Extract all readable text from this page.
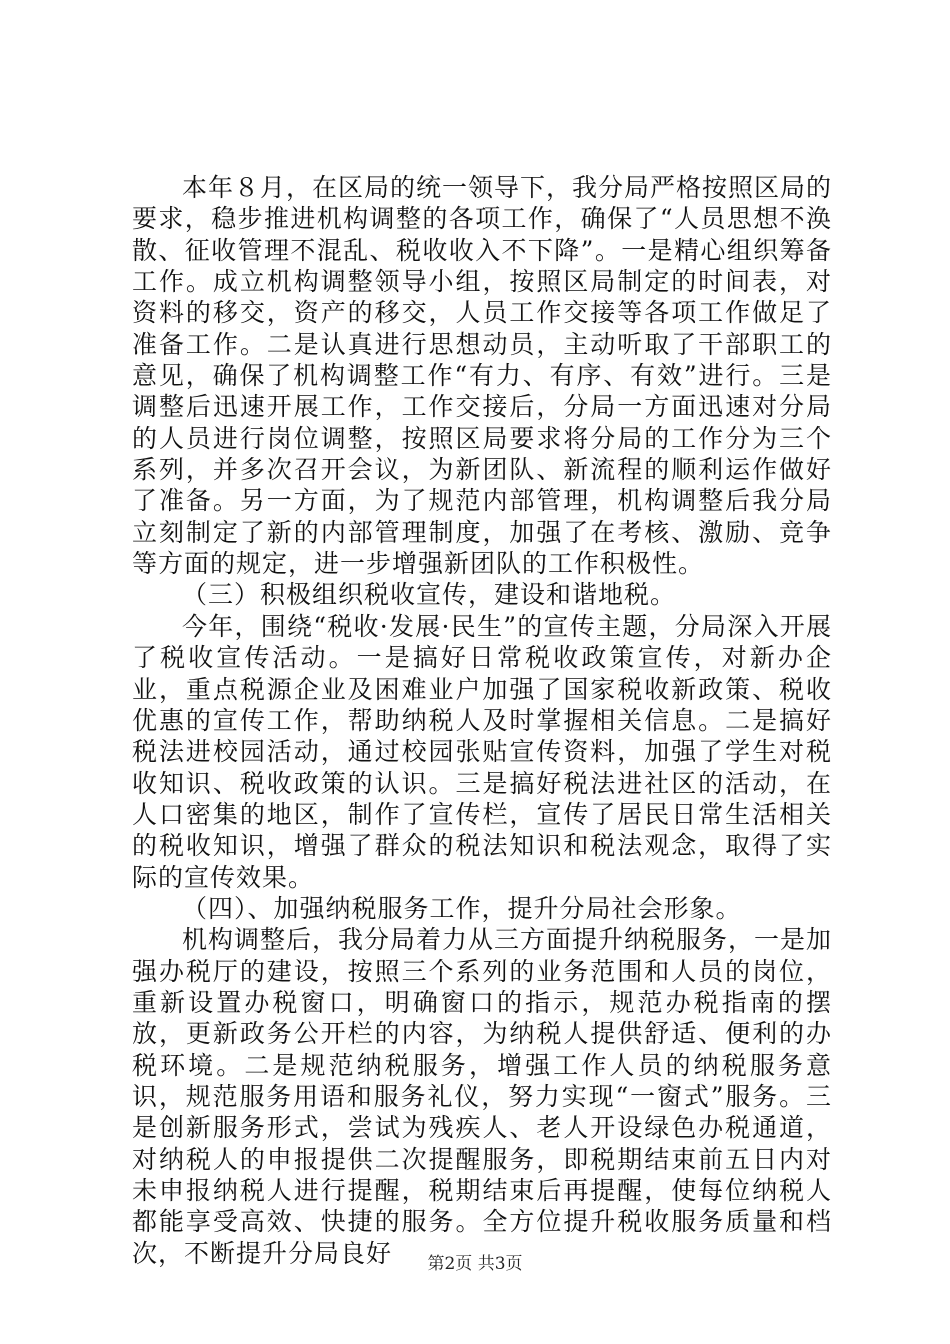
本年８月，在区局的统一领导下，我分局严格按照区局的要求，稳步推进机构调整的各项工作，确保了“人员思想不涣散、征收管理不混乱、税收收入不下降”。一是精心组织筹备工作。成立机构调整领导小组，按照区局制定的时间表，对资料的移交，资产的移交，人员工作交接等各项工作做足了准备工作。二是认真进行思想动员，主动听取了干部职工的意见，确保了机构调整工作“有力、有序、有效”进行。三是调整后迅速开展工作，工作交接后，分局一方面迅速对分局的人员进行岗位调整，按照区局要求将分局的工作分为三个系列，并多次召开会议，为新团队、新流程的顺利运作做好了准备。另一方面，为了规范内部管理，机构调整后我分局立刻制定了新的内部管理制度，加强了在考核、激励、竞争等方面的规定，进一步增强新团队的工作积极性。

（三）积极组织税收宣传，建设和谐地税。

今年，围绕“税收·发展·民生”的宣传主题，分局深入开展了税收宣传活动。一是搞好日常税收政策宣传，对新办企业，重点税源企业及困难业户加强了国家税收新政策、税收优惠的宣传工作，帮助纳税人及时掌握相关信息。二是搞好税法进校园活动，通过校园张贴宣传资料，加强了学生对税收知识、税收政策的认识。三是搞好税法进社区的活动，在人口密集的地区，制作了宣传栏，宣传了居民日常生活相关的税收知识，增强了群众的税法知识和税法观念，取得了实际的宣传效果。

（四）、加强纳税服务工作，提升分局社会形象。

机构调整后，我分局着力从三方面提升纳税服务，一是加强办税厅的建设，按照三个系列的业务范围和人员的岗位，重新设置办税窗口，明确窗口的指示，规范办税指南的摆放，更新政务公开栏的内容，为纳税人提供舒适、便利的办税环境。二是规范纳税服务，增强工作人员的纳税服务意识，规范服务用语和服务礼仪，努力实现“一窗式”服务。三是创新服务形式，尝试为残疾人、老人开设绿色办税通道，对纳税人的申报提供二次提醒服务，即税期结束前五日内对未申报纳税人进行提醒，税期结束后再提醒，使每位纳税人都能享受高效、快捷的服务。全方位提升税收服务质量和档次，不断提升分局良好	第2页 共3页
